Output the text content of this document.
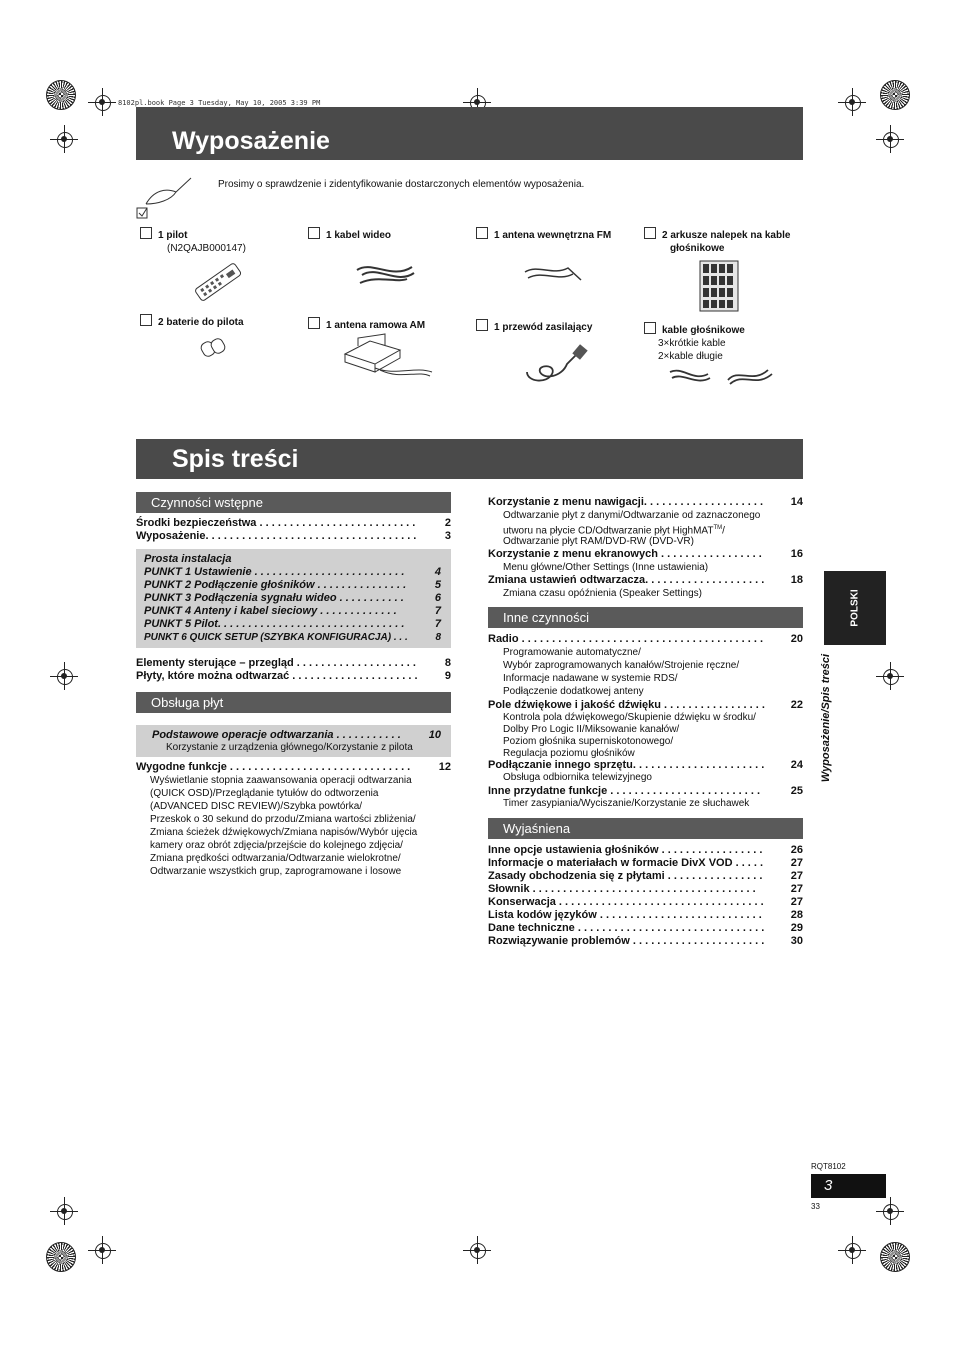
8102pl.book Page 3 Tuesday, May 10, 2005 3:39 PM
Wyposażenie
Prosimy o sprawdzenie i zidentyfikowanie dostarczonych elementów wyposażenia.
1 pilot
(N2QAJB000147)
1 kabel wideo	1 antena wewnętrzna FM	2 arkusze nalepek na kable
głośnikowe
2 baterie do pilota	1 antena ramowa AM	1 przewód zasilający	kable głośnikowe
3×krótkie kable
2×kable długie
Spis treści
Czynności wstępne
Środki bezpieczeństwa . . . . . . . . . . . . . . . . . . . . . . . . . .	2
Wyposażenie. . . . . . . . . . . . . . . . . . . . . . . . . . . . . . . . . . .	3
Prosta instalacja
PUNKT 1 Ustawienie . . . . . . . . . . . . . . . . . . . . . . . . .	4
PUNKT 2 Podłączenie głośników . . . . . . . . . . . . . . .	5
PUNKT 3 Podłączenia sygnału wideo . . . . . . . . . . .	6
PUNKT 4 Anteny i kabel sieciowy . . . . . . . . . . . . .	7
PUNKT 5 Pilot. . . . . . . . . . . . . . . . . . . . . . . . . . . . . . .	7
PUNKT 6 QUICK SETUP (SZYBKA KONFIGURACJA) . . .	8
Elementy sterujące – przegląd . . . . . . . . . . . . . . . . . . . .	8
Płyty, które można odtwarzać . . . . . . . . . . . . . . . . . . . . . 9
Obsługa płyt
Podstawowe operacje odtwarzania . . . . . . . . . . .	10
Korzystanie z urządzenia głównego/Korzystanie z pilota
Wygodne funkcje . . . . . . . . . . . . . . . . . . . . . . . . . . . . . .	12
Wyświetlanie stopnia zaawansowania operacji odtwarzania
(QUICK OSD)/Przeglądanie tytułów do odtworzenia
(ADVANCED DISC REVIEW)/Szybka powtórka/
Przeskok o 30 sekund do przodu/Zmiana wartości zbliżenia/
Zmiana ścieżek dźwiękowych/Zmiana napisów/Wybór ujęcia
kamery oraz obrót zdjęcia/przejście do kolejnego zdjęcia/
Zmiana prędkości odtwarzania/Odtwarzanie wielokrotne/
Odtwarzanie wszystkich grup, zaprogramowane i losowe
Korzystanie z menu nawigacji. . . . . . . . . . . . . . . . . . . .	14
Odtwarzanie płyt z danymi/Odtwarzanie od zaznaczonego
utworu na płycie CD/Odtwarzanie płyt HighMAT™/
Odtwarzanie płyt RAM/DVD-RW (DVD-VR)
Korzystanie z menu ekranowych . . . . . . . . . . . . . . . . .	16
Menu główne/Other Settings (Inne ustawienia)
Zmiana ustawień odtwarzacza. . . . . . . . . . . . . . . . . . . . 18
Zmiana czasu opóźnienia (Speaker Settings)
Inne czynności
Radio . . . . . . . . . . . . . . . . . . . . . . . . . . . . . . . . . . . . . . . .	20
Programowanie automatyczne/
Wybór zaprogramowanych kanałów/Strojenie ręczne/
Informacje nadawane w systemie RDS/
Podłączenie dodatkowej anteny
Pole dźwiękowe i jakość dźwięku . . . . . . . . . . . . . . . . . 22
Kontrola pola dźwiękowego/Skupienie dźwięku w środku/
Dolby Pro Logic II/Miksowanie kanałów/
Poziom głośnika superniskotonowego/
Regulacja poziomu głośników
Podłączanie innego sprzętu. . . . . . . . . . . . . . . . . . . . . . 24
Obsługa odbiornika telewizyjnego
Inne przydatne funkcje . . . . . . . . . . . . . . . . . . . . . . . . .	25
Timer zasypiania/Wyciszanie/Korzystanie ze słuchawek
Wyjaśniena
Inne opcje ustawienia głośników . . . . . . . . . . . . . . . . .	26
Informacje o materiałach w formacie DivX VOD . . . . .	27
Zasady obchodzenia się z płytami . . . . . . . . . . . . . . . .	27
Słownik . . . . . . . . . . . . . . . . . . . . . . . . . . . . . . . . . . . . .	27
Konserwacja . . . . . . . . . . . . . . . . . . . . . . . . . . . . . . . . . . 27
Lista kodów języków . . . . . . . . . . . . . . . . . . . . . . . . . . .	28
Dane techniczne . . . . . . . . . . . . . . . . . . . . . . . . . . . . . . . 29
Rozwiązywanie problemów . . . . . . . . . . . . . . . . . . . . . . 30
POLSKI
Wyposażenie/Spis treści
RQT8102
3
33
